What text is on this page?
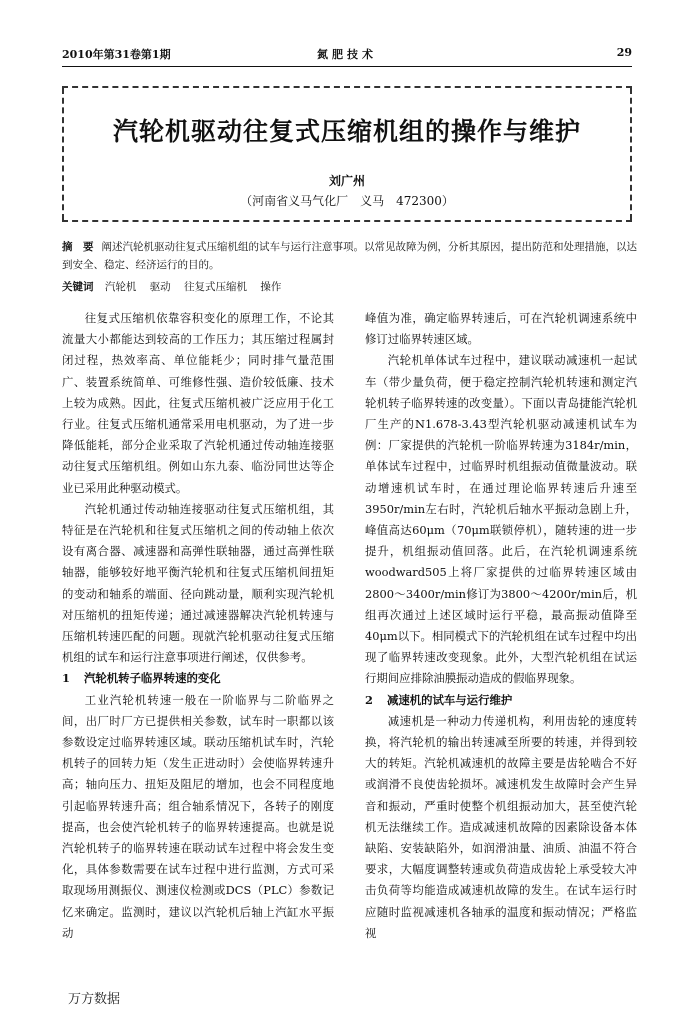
2010年第31卷第1期	氮肥技术	29
汽轮机驱动往复式压缩机组的操作与维护
刘广州
（河南省义马气化厂　义马　472300）
摘　要 阐述汽轮机驱动往复式压缩机组的试车与运行注意事项。以常见故障为例，分析其原因，提出防范和处理措施，以达到安全、稳定、经济运行的目的。
关键词 汽轮机 驱动 往复式压缩机 操作

往复式压缩机依靠容积变化的原理工作，不论其流量大小都能达到较高的工作压力；其压缩过程属封闭过程，热效率高、单位能耗少；同时排气量范围广、装置系统简单、可维修性强、造价较低廉、技术上较为成熟。因此，往复式压缩机被广泛应用于化工行业。往复式压缩机通常采用电机驱动，为了进一步降低能耗，部分企业采取了汽轮机通过传动轴连接驱动往复式压缩机组。例如山东九泰、临汾同世达等企业已采用此种驱动模式。

汽轮机通过传动轴连接驱动往复式压缩机组，其特征是在汽轮机和往复式压缩机之间的传动轴上依次设有离合器、减速器和高弹性联轴器，通过高弹性联轴器，能够较好地平衡汽轮机和往复式压缩机间扭矩的变动和轴系的端面、径向跳动量，顺利实现汽轮机对压缩机的扭矩传递；通过减速器解决汽轮机转速与压缩机转速匹配的问题。现就汽轮机驱动往复式压缩机组的试车和运行注意事项进行阐述，仅供参考。

1 汽轮机转子临界转速的变化

工业汽轮机转速一般在一阶临界与二阶临界之间，出厂时厂方已提供相关参数，试车时一职都以该参数设定过临界转速区域。联动压缩机试车时，汽轮机转子的回转力矩（发生正进动时）会使临界转速升高；轴向压力、扭矩及阻尼的增加，也会不同程度地引起临界转速升高；组合轴系情况下，各转子的刚度提高，也会使汽轮机转子的临界转速提高。也就是说汽轮机转子的临界转速在联动试车过程中将会发生变化，具体参数需要在试车过程中进行监测，方式可采取现场用测振仪、测速仪检测或DCS（PLC）参数记忆来确定。监测时，建议以汽轮机后轴上汽缸水平振动

峰值为准，确定临界转速后，可在汽轮机调速系统中修订过临界转速区域。

汽轮机单体试车过程中，建议联动减速机一起试车（带少量负荷，便于稳定控制汽轮机转速和测定汽轮机转子临界转速的改变量）。下面以青岛捷能汽轮机厂生产的N1.678-3.43型汽轮机驱动减速机试车为例：厂家提供的汽轮机一阶临界转速为3184r/min，单体试车过程中，过临界时机组振动值微量波动。联动增速机试车时，在通过理论临界转速后升速至3950r/min左右时，汽轮机后轴水平振动急剧上升，峰值高达60μm（70μm联锁停机），随转速的进一步提升，机组振动值回落。此后，在汽轮机调速系统woodward505上将厂家提供的过临界转速区域由2800～3400r/min修订为3800～4200r/min后，机组再次通过上述区域时运行平稳，最高振动值降至40μm以下。相同模式下的汽轮机组在试车过程中均出现了临界转速改变现象。此外，大型汽轮机组在试运行期间应排除油膜振动造成的假临界现象。

2 减速机的试车与运行维护

减速机是一种动力传递机构，利用齿轮的速度转换，将汽轮机的输出转速减至所要的转速，并得到较大的转矩。汽轮机减速机的故障主要是齿轮啮合不好或润滑不良使齿轮损坏。减速机发生故障时会产生异音和振动，严重时使整个机组振动加大，甚至使汽轮机无法继续工作。造成减速机故障的因素除设备本体缺陷、安装缺陷外，如润滑油量、油质、油温不符合要求，大幅度调整转速或负荷造成齿轮上承受较大冲击负荷等均能造成减速机故障的发生。在试车运行时应随时监视减速机各轴承的温度和振动情况；严格监视

万方数据
